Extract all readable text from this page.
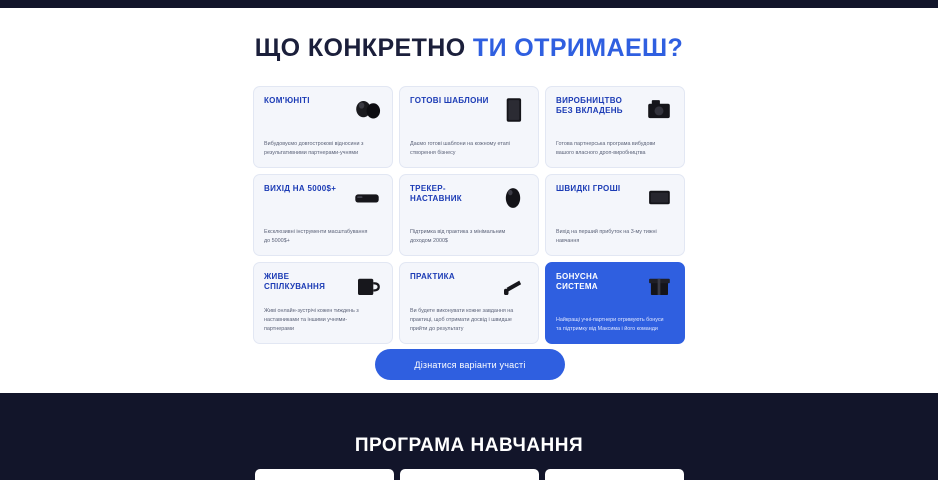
ЩО КОНКРЕТНО ТИ ОТРИМАЕШ?
КОМ'ЮНІТІ
Вибудовуємо довгострокові відносини з результативними партнерами-учнями
ГОТОВІ ШАБЛОНИ
Даємо готові шаблони на кожному етапі створення бізнесу
ВИРОБНИЦТВО БЕЗ ВКЛАДЕНЬ
Готова партнерська програма вибудови вашого власного дроп-виробництва
ВИХІД НА 5000$+
Ексклюзивні інструменти масштабування до 5000$+
ТРЕКЕР-НАСТАВНИК
Підтримка від практика з мінімальним доходом 2000$
ШВИДКІ ГРОШІ
Вихід на перший прибуток на 3-му тижні навчання
ЖИВЕ СПІЛКУВАННЯ
Живі онлайн-зустрічі кожен тиждень з наставниками та іншими учнями-партнерами
ПРАКТИКА
Ви будете виконувати кожне завдання на практиці, щоб отримати досвід і швидше прийти до результату
БОНУСНА СИСТЕМА
Найкращі учні-партнери отримують бонуси та підтримку від Максима і його команди
Дізнатися варіанти участі
ПРОГРАМА НАВЧАННЯ
